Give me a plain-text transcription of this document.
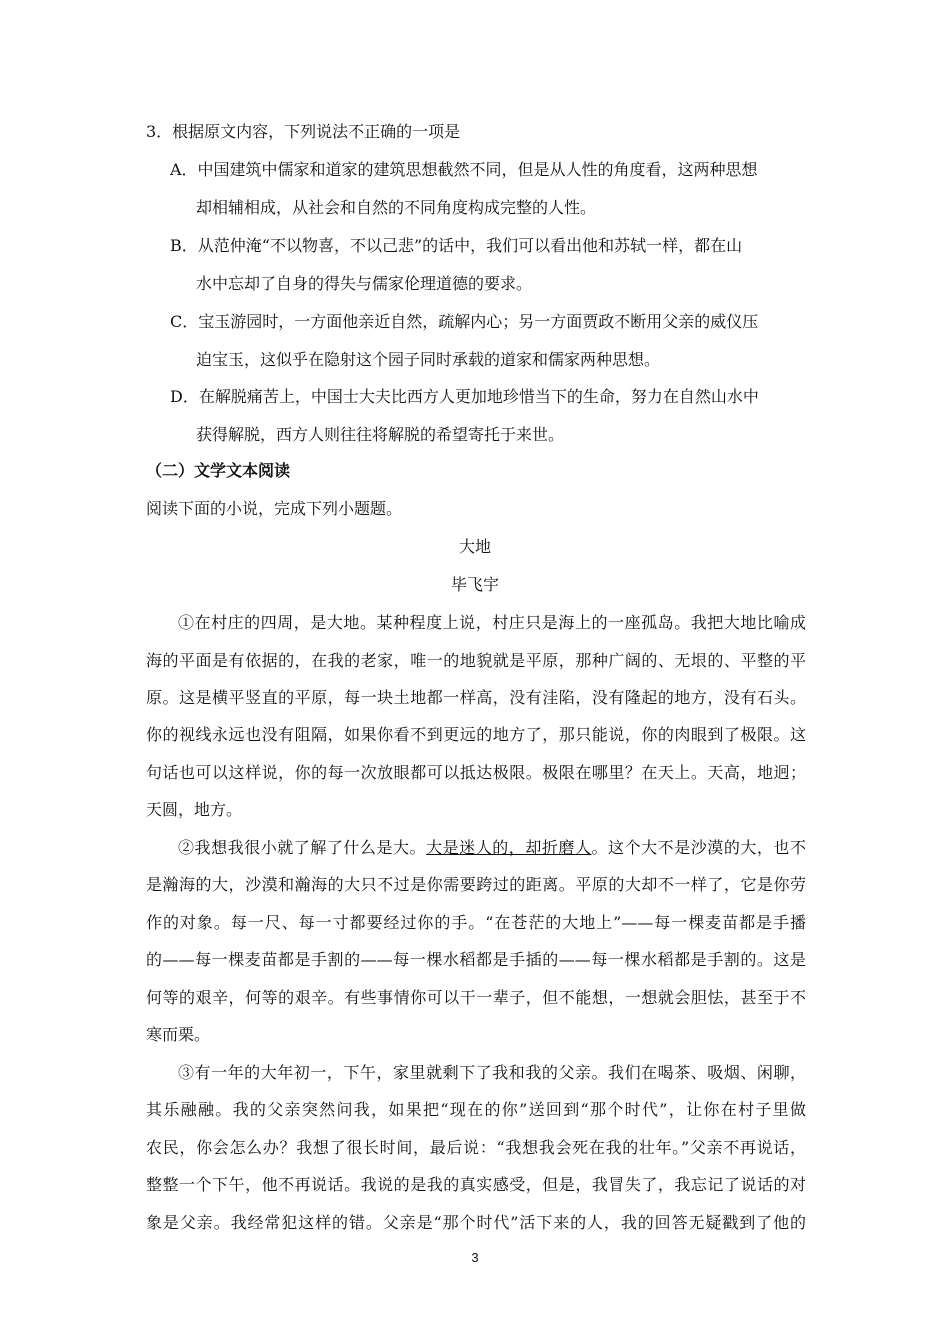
3．根据原文内容，下列说法不正确的一项是
A．中国建筑中儒家和道家的建筑思想截然不同，但是从人性的角度看，这两种思想
却相辅相成，从社会和自然的不同角度构成完整的人性。
B．从范仲淹“不以物喜，不以己悲”的话中，我们可以看出他和苏轼一样，都在山
水中忘却了自身的得失与儒家伦理道德的要求。
C．宝玉游园时，一方面他亲近自然，疏解内心；另一方面贾政不断用父亲的威仪压
迫宝玉，这似乎在隐射这个园子同时承载的道家和儒家两种思想。
D．在解脱痛苦上，中国士大夫比西方人更加地珍惜当下的生命，努力在自然山水中
获得解脱，西方人则往往将解脱的希望寄托于来世。
（二）文学文本阅读
阅读下面的小说，完成下列小题题。
大地
毕飞宇
①在村庄的四周，是大地。某种程度上说，村庄只是海上的一座孤岛。我把大地比喻成
海的平面是有依据的，在我的老家，唯一的地貌就是平原，那种广阔的、无垠的、平整的平
原。这是横平竖直的平原，每一块土地都一样高，没有洼陷，没有隆起的地方，没有石头。
你的视线永远也没有阻隔，如果你看不到更远的地方了，那只能说，你的肉眼到了极限。这
句话也可以这样说，你的每一次放眼都可以抵达极限。极限在哪里？在天上。天高，地迥；
天圆，地方。
②我想我很小就了解了什么是大。大是迷人的，却折磨人。这个大不是沙漠的大，也不
是瀚海的大，沙漠和瀚海的大只不过是你需要跨过的距离。平原的大却不一样了，它是你劳
作的对象。每一尺、每一寸都要经过你的手。“在苍茫的大地上”——每一棵麦苗都是手播
的——每一棵麦苗都是手割的——每一棵水稻都是手插的——每一棵水稻都是手割的。这是
何等的艰辛，何等的艰辛。有些事情你可以干一辈子，但不能想，一想就会胆怯，甚至于不
寒而栗。
③有一年的大年初一，下午，家里就剩下了我和我的父亲。我们在喝茶、吸烟、闲聊，
其乐融融。我的父亲突然问我，如果把“现在的你”送回到“那个时代”，让你在村子里做
农民，你会怎么办？我想了很长时间，最后说：“我想我会死在我的壮年。”父亲不再说话，
整整一个下午，他不再说话。我说的是我的真实感受，但是，我冒失了，我忘记了说话的对
象是父亲。我经常犯这样的错。父亲是“那个时代”活下来的人，我的回答无疑戳到了他的
3
